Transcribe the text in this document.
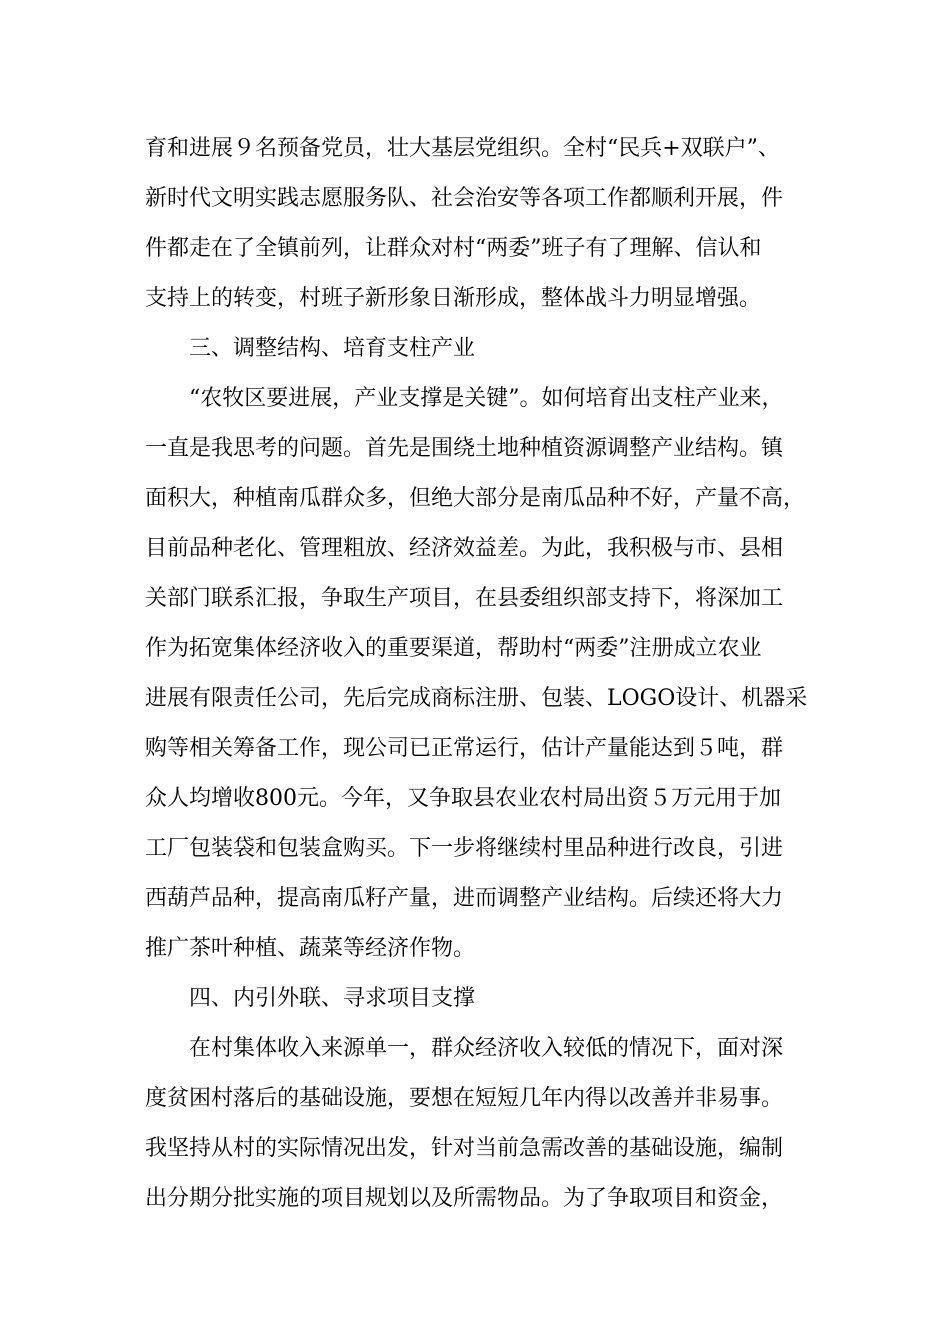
育和进展９名预备党员，壮大基层党组织。全村“民兵+双联户”、
新时代文明实践志愿服务队、社会治安等各项工作都顺利开展，件
件都走在了全镇前列，让群众对村“两委”班子有了理解、信认和
支持上的转变，村班子新形象日渐形成，整体战斗力明显增强。
　　三、调整结构、培育支柱产业
　　“农牧区要进展，产业支撑是关键”。如何培育出支柱产业来，
一直是我思考的问题。首先是围绕土地种植资源调整产业结构。镇
面积大，种植南瓜群众多，但绝大部分是南瓜品种不好，产量不高，
目前品种老化、管理粗放、经济效益差。为此，我积极与市、县相
关部门联系汇报，争取生产项目，在县委组织部支持下，将深加工
作为拓宽集体经济收入的重要渠道，帮助村“两委”注册成立农业
进展有限责任公司，先后完成商标注册、包装、LOGO设计、机器采
购等相关筹备工作，现公司已正常运行，估计产量能达到５吨，群
众人均增收800元。今年，又争取县农业农村局出资５万元用于加
工厂包装袋和包装盒购买。下一步将继续村里品种进行改良，引进
西葫芦品种，提高南瓜籽产量，进而调整产业结构。后续还将大力
推广茶叶种植、蔬菜等经济作物。
　　四、内引外联、寻求项目支撑
　　在村集体收入来源单一，群众经济收入较低的情况下，面对深
度贫困村落后的基础设施，要想在短短几年内得以改善并非易事。
我坚持从村的实际情况出发，针对当前急需改善的基础设施，编制
出分期分批实施的项目规划以及所需物品。为了争取项目和资金，
